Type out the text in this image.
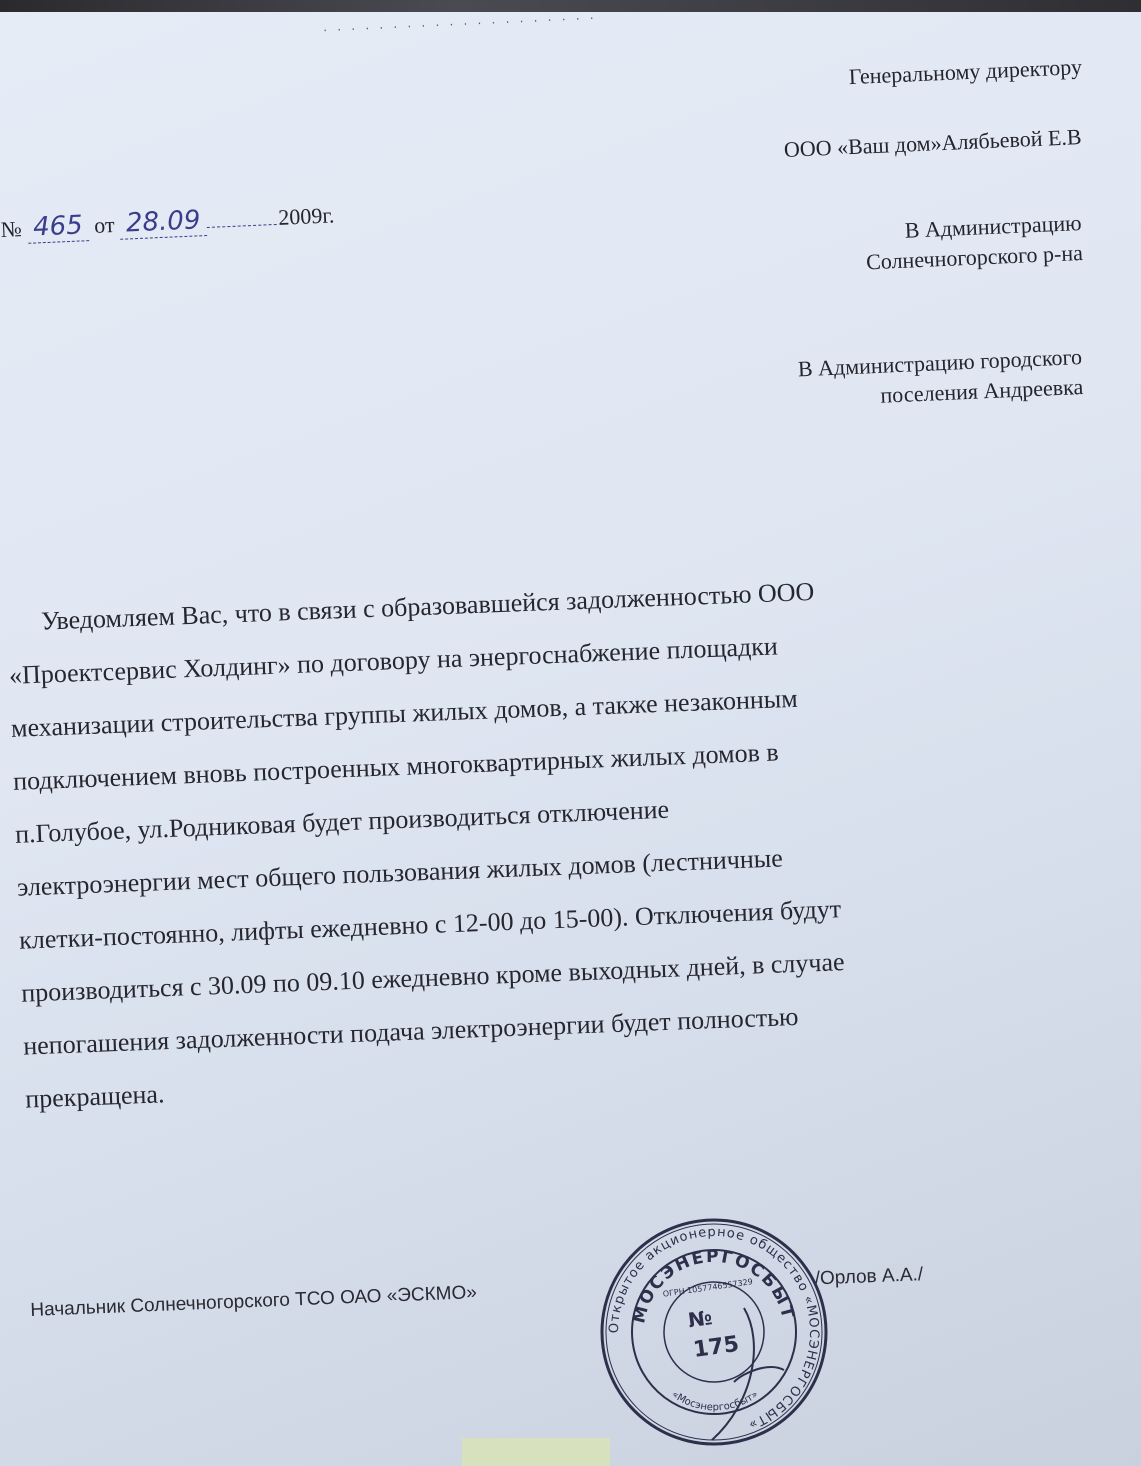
· · · · · · · · · · · · · · · · · · · ·
Генеральному директору
ООО «Ваш дом»Алябьевой Е.В
В Администрацию
Солнечногорского р-на
В Администрацию городского
поселения Андреевка
№ 465 от 28.09	2009г.

Уведомляем Вас, что в связи с образовавшейся задолженностью ООО

«Проектсервис Холдинг» по договору на энергоснабжение площадки

механизации строительства группы жилых домов, а также незаконным

подключением вновь построенных многоквартирных жилых домов в

п.Голубое, ул.Родниковая будет производиться отключение

электроэнергии мест общего пользования жилых домов (лестничные

клетки-постоянно, лифты ежедневно с 12-00 до 15-00). Отключения будут

производиться с 30.09 по 09.10 ежедневно кроме выходных дней, в случае

непогашения задолженности подача электроэнергии будет полностью

прекращена.

Начальник Солнечногорского ТСО ОАО «ЭСКМО»
/Орлов А.А./
Открытое акционерное общество «МОСЭНЕРГОСБЫТ»
МОСЭНЕРГОСБЫТ
«Мосэнергосбыт»
№
175
ОГРН 1057746557329
